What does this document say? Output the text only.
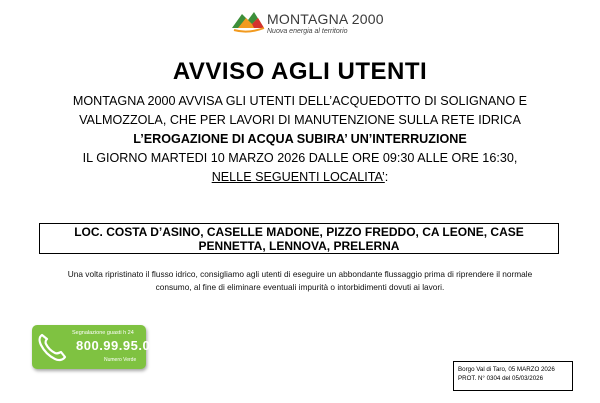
MONTAGNA 2000
Nuova energia al territorio
AVVISO AGLI UTENTI
MONTAGNA 2000 AVVISA GLI UTENTI DELL’ACQUEDOTTO DI SOLIGNANO E
VALMOZZOLA, CHE PER LAVORI DI MANUTENZIONE SULLA RETE IDRICA
L’EROGAZIONE DI ACQUA SUBIRA’ UN’INTERRUZIONE
IL GIORNO MARTEDI 10 MARZO 2026 DALLE ORE 09:30 ALLE ORE 16:30,
NELLE SEGUENTI LOCALITA’:
LOC. COSTA D’ASINO, CASELLE MADONE, PIZZO FREDDO, CA LEONE, CASE
PENNETTA, LENNOVA, PRELERNA
Una volta ripristinato il flusso idrico, consigliamo agli utenti di eseguire un abbondante flussaggio prima di riprendere il normale
consumo, al fine di eliminare eventuali impurità o intorbidimenti dovuti ai lavori.
Segnalazione guasti h 24
800.99.95.03
Numero Verde
Borgo Val di Taro, 05 MARZO 2026
PROT. N° 0304 del 05/03/2026
